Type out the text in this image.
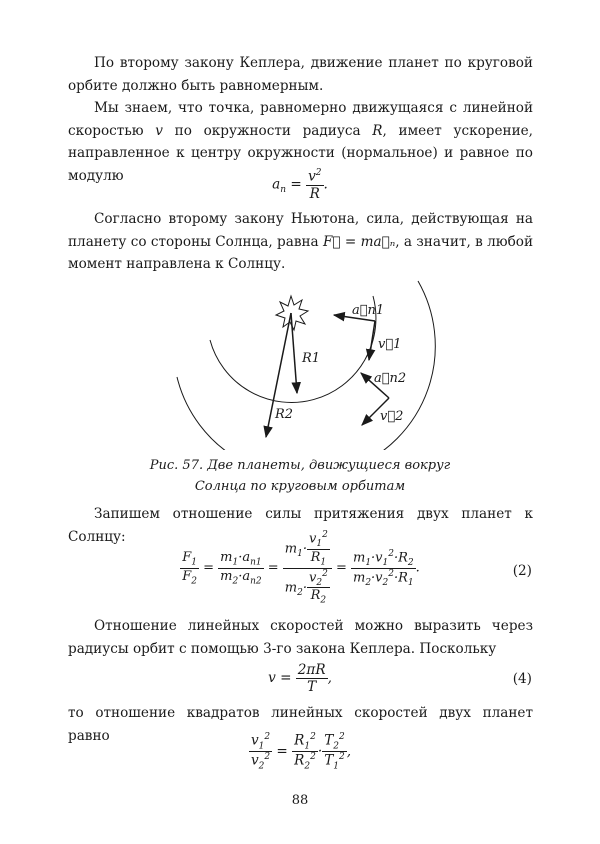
По второму закону Кеплера, движение планет по круговой орбите должно быть равномерным.
Мы знаем, что точка, равномерно движущаяся с линейной скоростью v по окружности радиуса R, имеет ускорение, направленное к центру окружности (нормальное) и равное по модулю
$a_n = \frac{v^2}{R}$ .
Согласно второму закону Ньютона, сила, действующая на планету со стороны Солнца, равна F⃗ = ma⃗ₙ, а значит, в любой момент направлена к Солнцу.
a⃗n1
v⃗1
a⃗n2
v⃗2
R1
R2
Рис. 57. Две планеты, движущиеся вокруг
Солнца по круговым орбитам
Запишем отношение силы притяжения двух планет к Солнцу:
$\frac{F_1}{F_2} = \frac{m_1\cdot a_{n1}}{m_2\cdot a_{n2}} = \frac{m_1\cdot \frac{v_1^2}{R_1}}{m_2\cdot \frac{v_2^2}{R_2}} = \frac{m_1\cdot v_1^2\cdot R_2}{m_2\cdot v_2^2\cdot R_1}$ .	(2)
Отношение линейных скоростей можно выразить через радиусы орбит с помощью 3-го закона Кеплера. Поскольку
$v = \frac{2\pi R}{T}$ ,	(4)
то отношение квадратов линейных скоростей двух планет равно	$\frac{v_1^2}{v_2^2} = \frac{R_1^2}{R_2^2} \cdot \frac{T_2^2}{T_1^2}$ ,
88
